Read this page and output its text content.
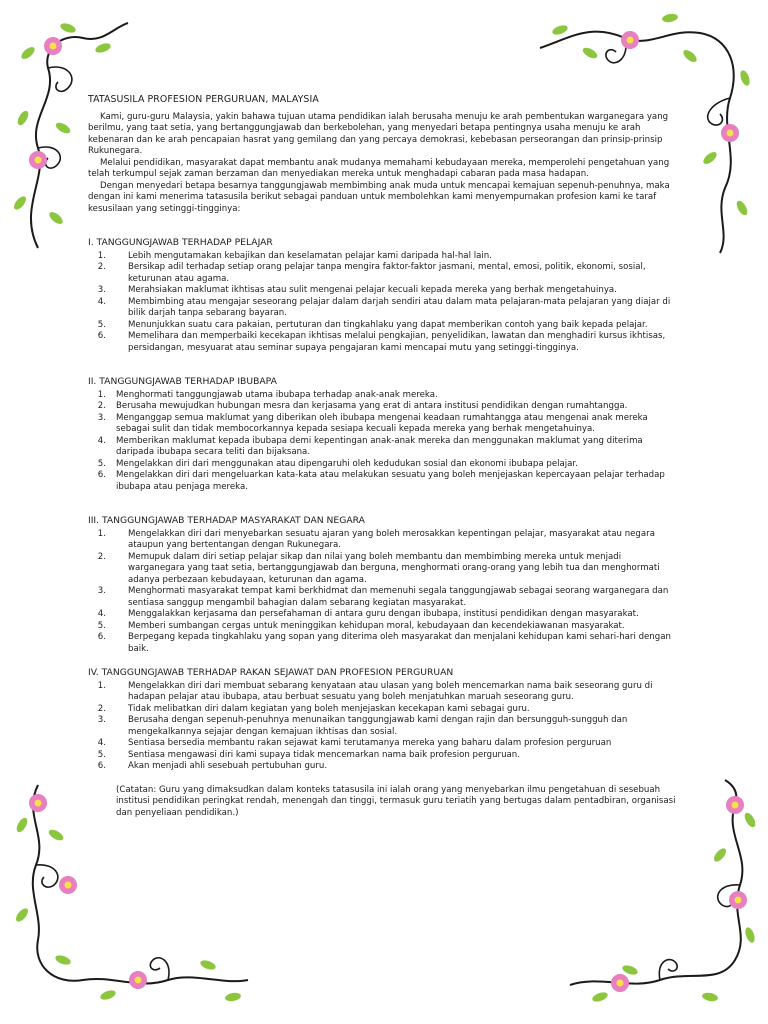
TATASUSILA PROFESION PERGURUAN, MALAYSIA

Kami, guru-guru Malaysia, yakin bahawa tujuan utama pendidikan ialah berusaha menuju ke arah pembentukan warganegara yang berilmu, yang taat setia, yang bertanggungjawab dan berkebolehan, yang menyedari betapa pentingnya usaha menuju ke arah kebenaran dan ke arah pencapaian hasrat yang gemilang dan yang percaya demokrasi, kebebasan perseorangan dan prinsip-prinsip Rukunegara.

Melalui pendidikan, masyarakat dapat membantu anak mudanya memahami kebudayaan mereka, memperolehi pengetahuan yang telah terkumpul sejak zaman berzaman dan menyediakan mereka untuk menghadapi cabaran pada masa hadapan.

Dengan menyedari betapa besarnya tanggungjawab membimbing anak muda untuk mencapai kemajuan sepenuh-penuhnya, maka dengan ini kami menerima tatasusila berikut sebagai panduan untuk membolehkan kami menyempurnakan profesion kami ke taraf kesusilaan yang setinggi-tingginya:

I. TANGGUNGJAWAB TERHADAP PELAJAR
1.	Lebih mengutamakan kebajikan dan keselamatan pelajar kami daripada hal-hal lain.
2.	Bersikap adil terhadap setiap orang pelajar tanpa mengira faktor-faktor jasmani, mental, emosi, politik, ekonomi, sosial, keturunan atau agama.
3.	Merahsiakan maklumat ikhtisas atau sulit mengenai pelajar kecuali kepada mereka yang berhak mengetahuinya.
4.	Membimbing atau mengajar seseorang pelajar dalam darjah sendiri atau dalam mata pelajaran-mata pelajaran yang diajar di bilik darjah tanpa sebarang bayaran.
5.	Menunjukkan suatu cara pakaian, pertuturan dan tingkahlaku yang dapat memberikan contoh yang baik kepada pelajar.
6.	Memelihara dan memperbaiki kecekapan ikhtisas melalui pengkajian, penyelidikan, lawatan dan menghadiri kursus ikhtisas, persidangan, mesyuarat atau seminar supaya pengajaran kami mencapai mutu yang setinggi-tingginya.
II. TANGGUNGJAWAB TERHADAP IBUBAPA
1.	Menghormati tanggungjawab utama ibubapa terhadap anak-anak mereka.
2.	Berusaha mewujudkan hubungan mesra dan kerjasama yang erat di antara institusi pendidikan dengan rumahtangga.
3.	Menganggap semua maklumat yang diberikan oleh ibubapa mengenai keadaan rumahtangga atau mengenai anak mereka sebagai sulit dan tidak membocorkannya kepada sesiapa kecuali kepada mereka yang berhak mengetahuinya.
4.	Memberikan maklumat kepada ibubapa demi kepentingan anak-anak mereka dan menggunakan maklumat yang diterima daripada ibubapa secara teliti dan bijaksana.
5.	Mengelakkan diri dari menggunakan atau dipengaruhi oleh kedudukan sosial dan ekonomi ibubapa pelajar.
6.	Mengelakkan diri dari mengeluarkan kata-kata atau melakukan sesuatu yang boleh menjejaskan kepercayaan pelajar terhadap ibubapa atau penjaga mereka.
III. TANGGUNGJAWAB TERHADAP MASYARAKAT DAN NEGARA
1.	Mengelakkan diri dari menyebarkan sesuatu ajaran yang boleh merosakkan kepentingan pelajar, masyarakat atau negara ataupun yang bertentangan dengan Rukunegara.
2.	Memupuk dalam diri setiap pelajar sikap dan nilai yang boleh membantu dan membimbing mereka untuk menjadi warganegara yang taat setia, bertanggungjawab dan berguna, menghormati orang-orang yang lebih tua dan menghormati adanya perbezaan kebudayaan, keturunan dan agama.
3.	Menghormati masyarakat tempat kami berkhidmat dan memenuhi segala tanggungjawab sebagai seorang warganegara dan sentiasa sanggup mengambil bahagian dalam sebarang kegiatan masyarakat.
4.	Menggalakkan kerjasama dan persefahaman di antara guru dengan ibubapa, institusi pendidikan dengan masyarakat.
5.	Memberi sumbangan cergas untuk meninggikan kehidupan moral, kebudayaan dan kecendekiawanan masyarakat.
6.	Berpegang kepada tingkahlaku yang sopan yang diterima oleh masyarakat dan menjalani kehidupan kami sehari-hari dengan baik.
IV. TANGGUNGJAWAB TERHADAP RAKAN SEJAWAT DAN PROFESION PERGURUAN
1.	Mengelakkan diri dari membuat sebarang kenyataan atau ulasan yang boleh mencemarkan nama baik seseorang guru di hadapan pelajar atau ibubapa, atau berbuat sesuatu yang boleh menjatuhkan maruah seseorang guru.
2.	Tidak melibatkan diri dalam kegiatan yang boleh menjejaskan kecekapan kami sebagai guru.
3.	Berusaha dengan sepenuh-penuhnya menunaikan tanggungjawab kami dengan rajin dan bersungguh-sungguh dan mengekalkannya sejajar dengan kemajuan ikhtisas dan sosial.
4.	Sentiasa bersedia membantu rakan sejawat kami terutamanya mereka yang baharu dalam profesion perguruan
5.	Sentiasa mengawasi diri kami supaya tidak mencemarkan nama baik profesion perguruan.
6.	Akan menjadi ahli sesebuah pertubuhan guru.
(Catatan: Guru yang dimaksudkan dalam konteks tatasusila ini ialah orang yang menyebarkan ilmu pengetahuan di sesebuah institusi pendidikan peringkat rendah, menengah dan tinggi, termasuk guru teriatih yang bertugas dalam pentadbiran, organisasi dan penyeliaan pendidikan.)
